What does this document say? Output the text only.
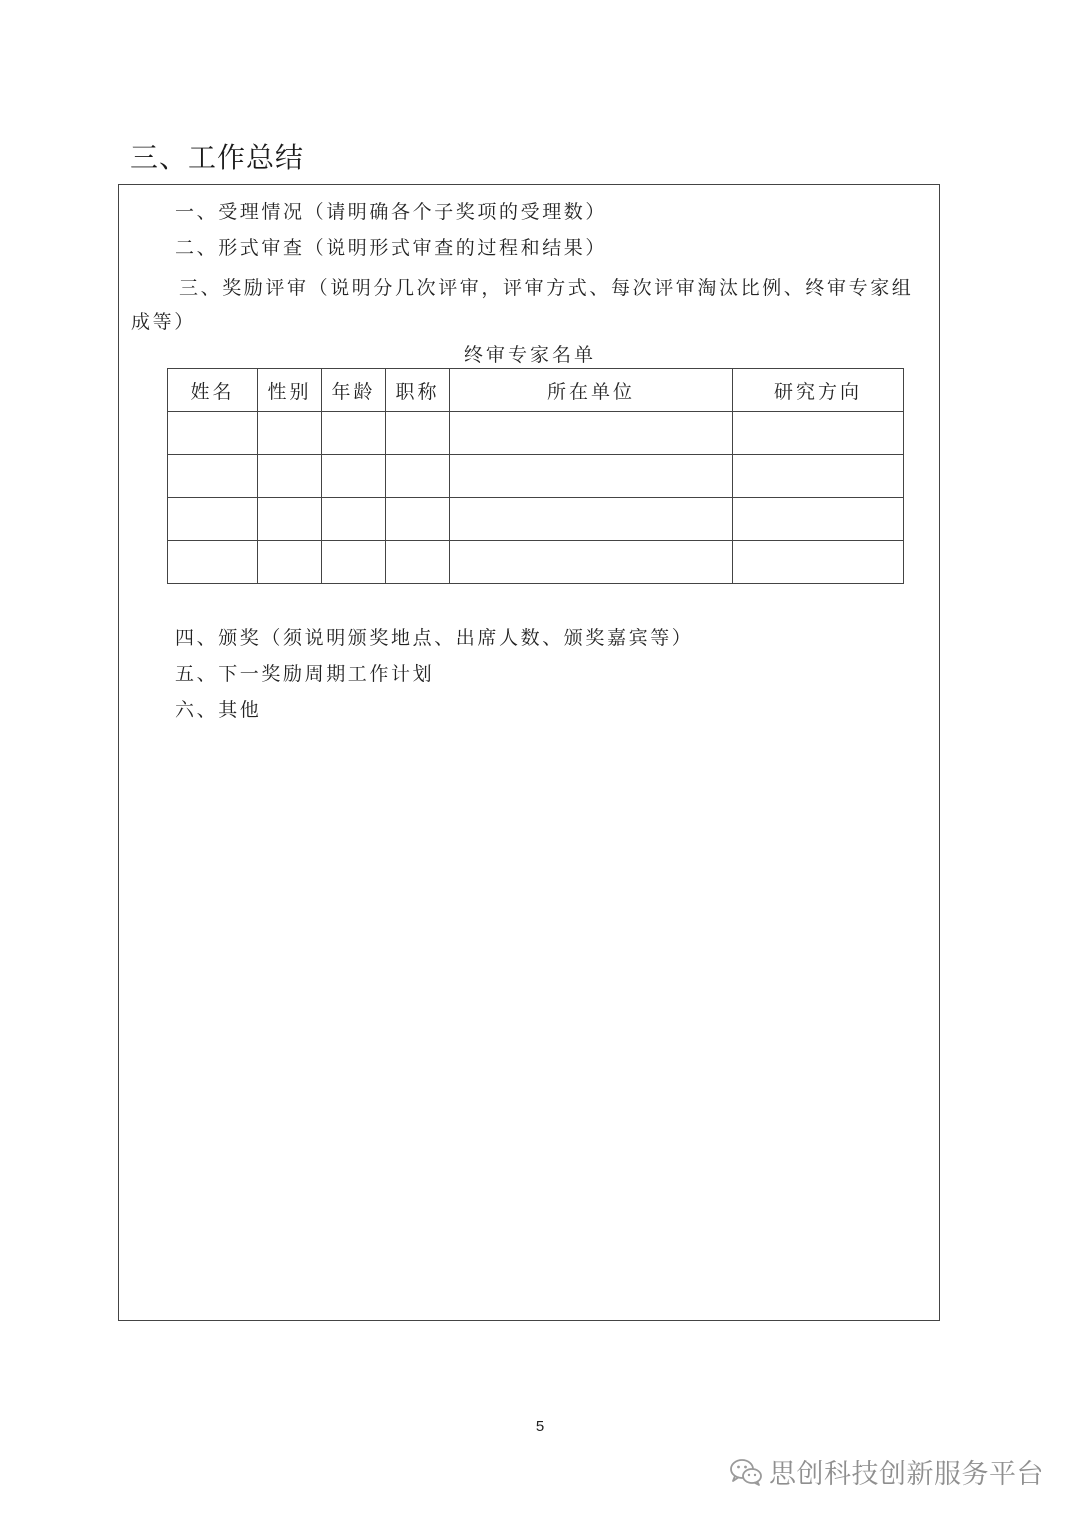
三、工作总结
一、受理情况（请明确各个子奖项的受理数）
二、形式审查（说明形式审查的过程和结果）
三、奖励评审（说明分几次评审，评审方式、每次评审淘汰比例、终审专家组成等）
终审专家名单
姓名	性别	年龄	职称	所在单位	研究方向

四、颁奖（须说明颁奖地点、出席人数、颁奖嘉宾等）
五、下一奖励周期工作计划
六、其他
5
思创科技创新服务平台
